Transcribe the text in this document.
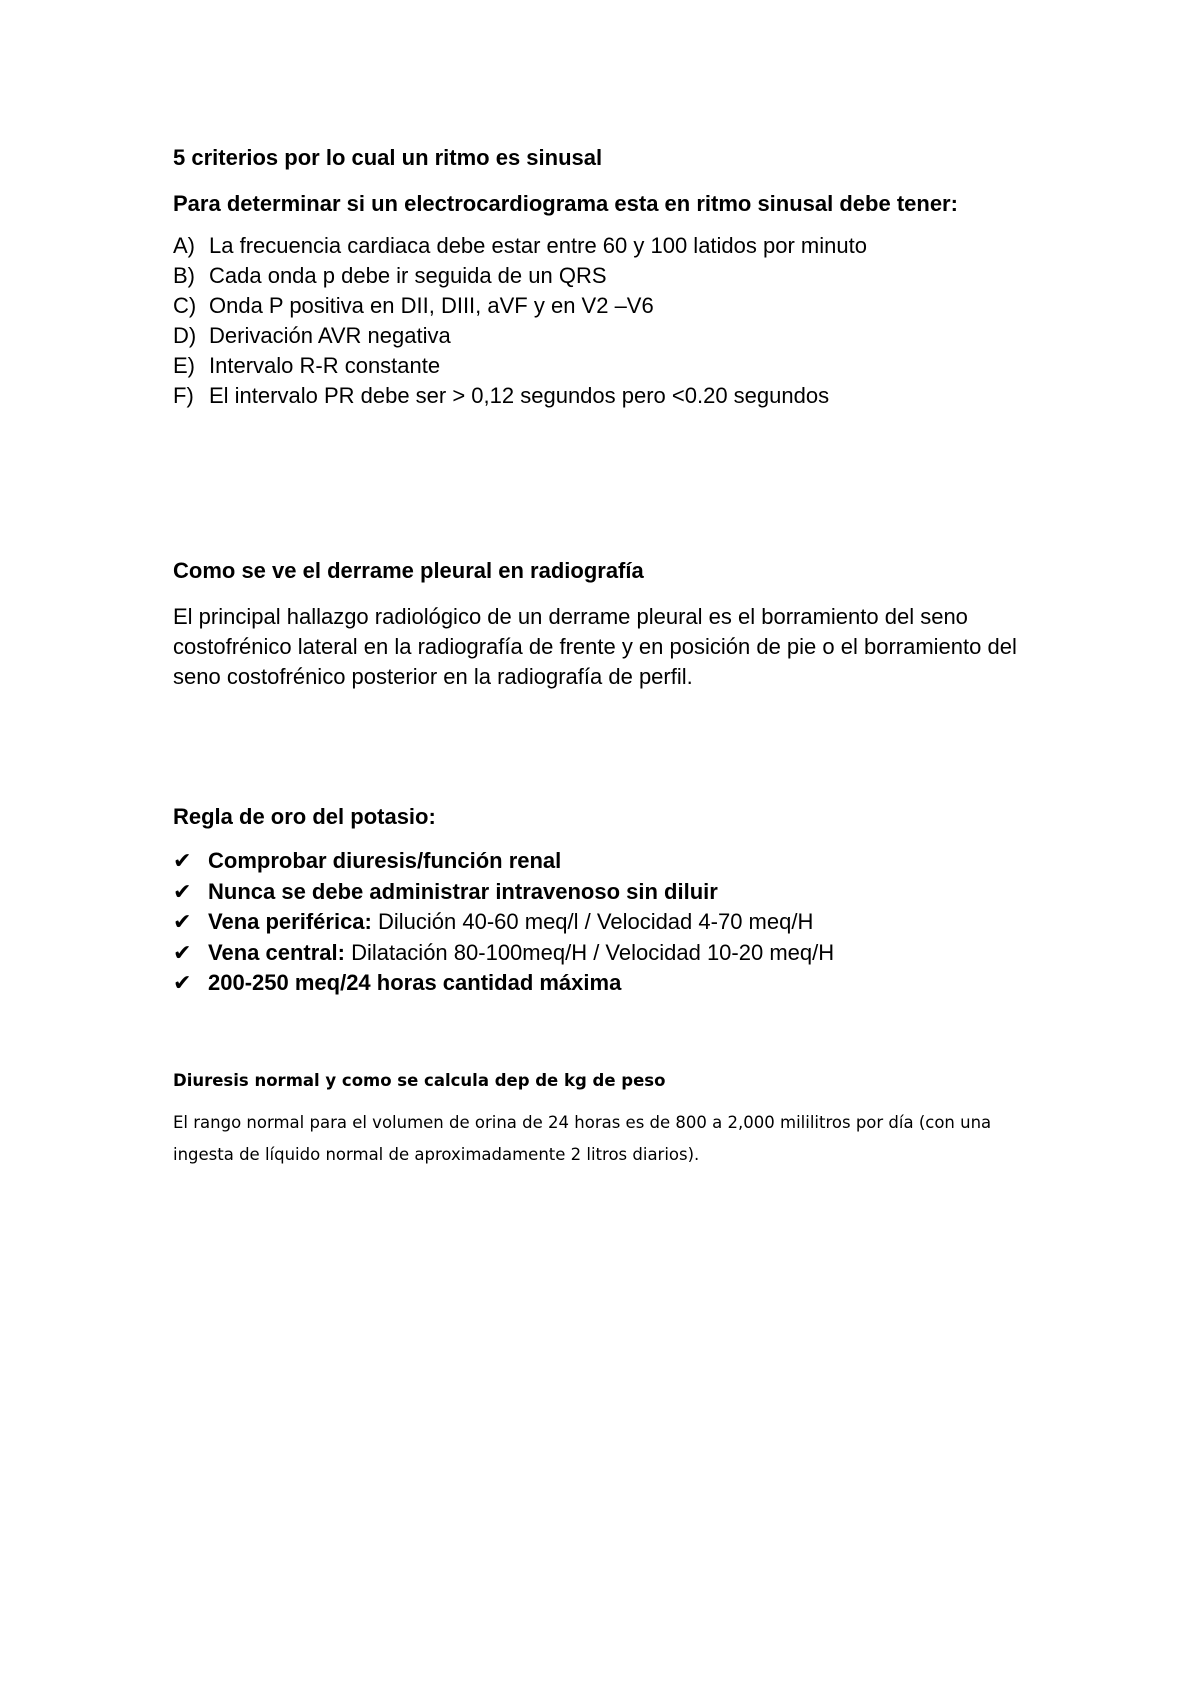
5 criterios por lo cual un ritmo es sinusal

Para determinar si un electrocardiograma esta en ritmo sinusal debe tener:

A) La frecuencia cardiaca debe estar entre 60 y 100 latidos por minuto
B) Cada onda p debe ir seguida de un QRS
C) Onda P positiva en DII, DIII, aVF y en V2 –V6
D) Derivación AVR negativa
E) Intervalo R-R constante
F) El intervalo PR debe ser > 0,12 segundos pero <0.20 segundos

Como se ve el derrame pleural en radiografía

El principal hallazgo radiológico de un derrame pleural es el borramiento del seno costofrénico lateral en la radiografía de frente y en posición de pie o el borramiento del seno costofrénico posterior en la radiografía de perfil.

Regla de oro del potasio:

✔ Comprobar diuresis/función renal
✔ Nunca se debe administrar intravenoso sin diluir
✔ Vena periférica: Dilución 40-60 meq/l / Velocidad 4-70 meq/H
✔ Vena central: Dilatación 80-100meq/H / Velocidad 10-20 meq/H
✔ 200-250 meq/24 horas cantidad máxima

Diuresis normal y como se calcula dep de kg de peso

El rango normal para el volumen de orina de 24 horas es de 800 a 2,000 mililitros por día (con una ingesta de líquido normal de aproximadamente 2 litros diarios).
